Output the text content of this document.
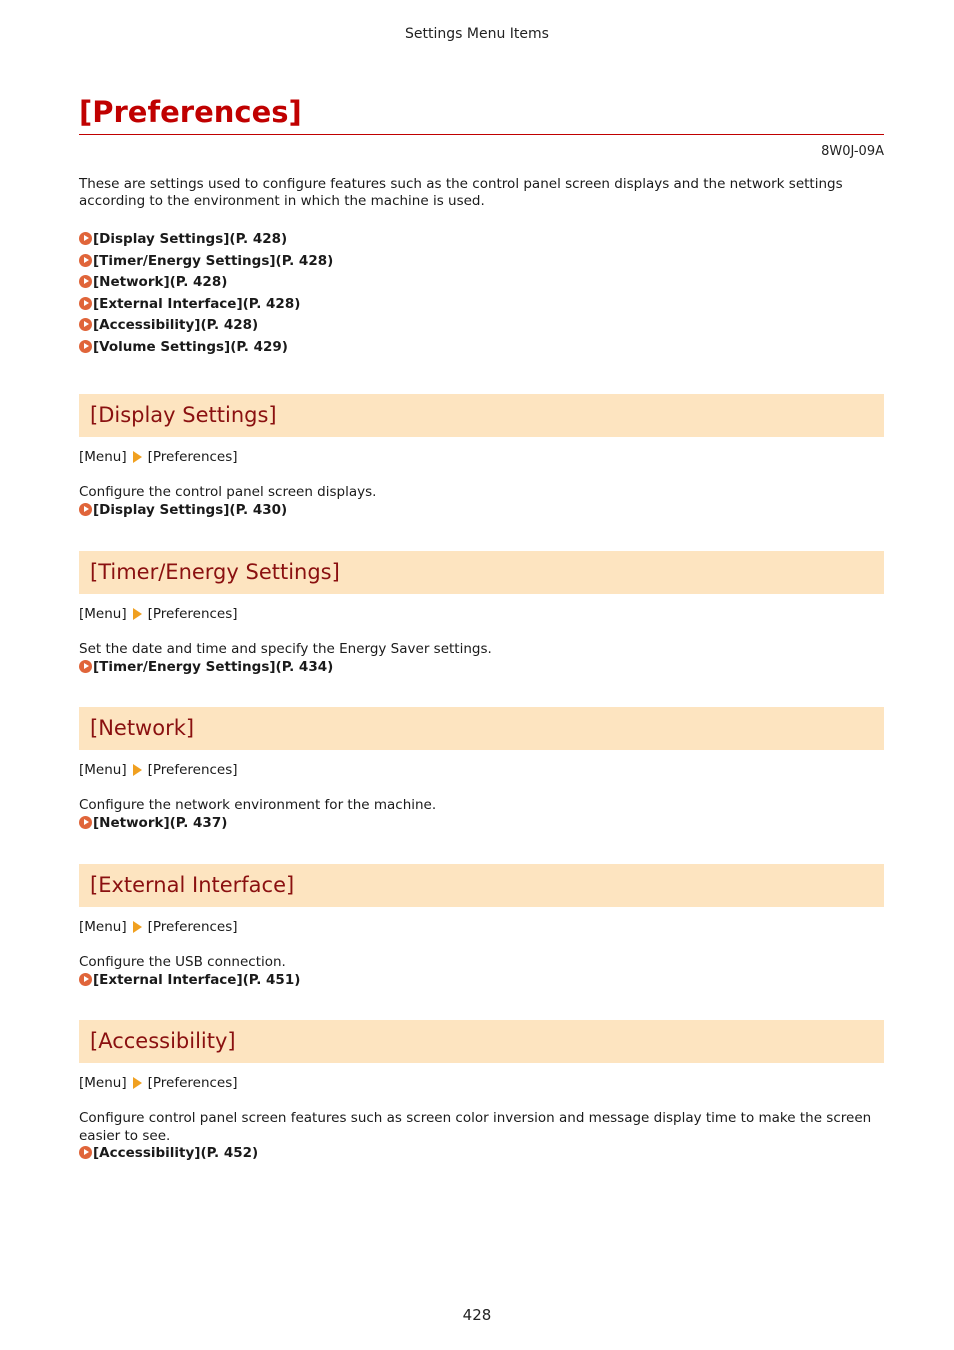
Settings Menu Items
[Preferences]
8W0J-09A
These are settings used to configure features such as the control panel screen displays and the network settings according to the environment in which the machine is used.
[Display Settings](P. 428)
[Timer/Energy Settings](P. 428)
[Network](P. 428)
[External Interface](P. 428)
[Accessibility](P. 428)
[Volume Settings](P. 429)
[Display Settings]
[Menu] [Preferences]
Configure the control panel screen displays.
[Display Settings](P. 430)
[Timer/Energy Settings]
[Menu] [Preferences]
Set the date and time and specify the Energy Saver settings.
[Timer/Energy Settings](P. 434)
[Network]
[Menu] [Preferences]
Configure the network environment for the machine.
[Network](P. 437)
[External Interface]
[Menu] [Preferences]
Configure the USB connection.
[External Interface](P. 451)
[Accessibility]
[Menu] [Preferences]
Configure control panel screen features such as screen color inversion and message display time to make the screen easier to see.
[Accessibility](P. 452)
428
